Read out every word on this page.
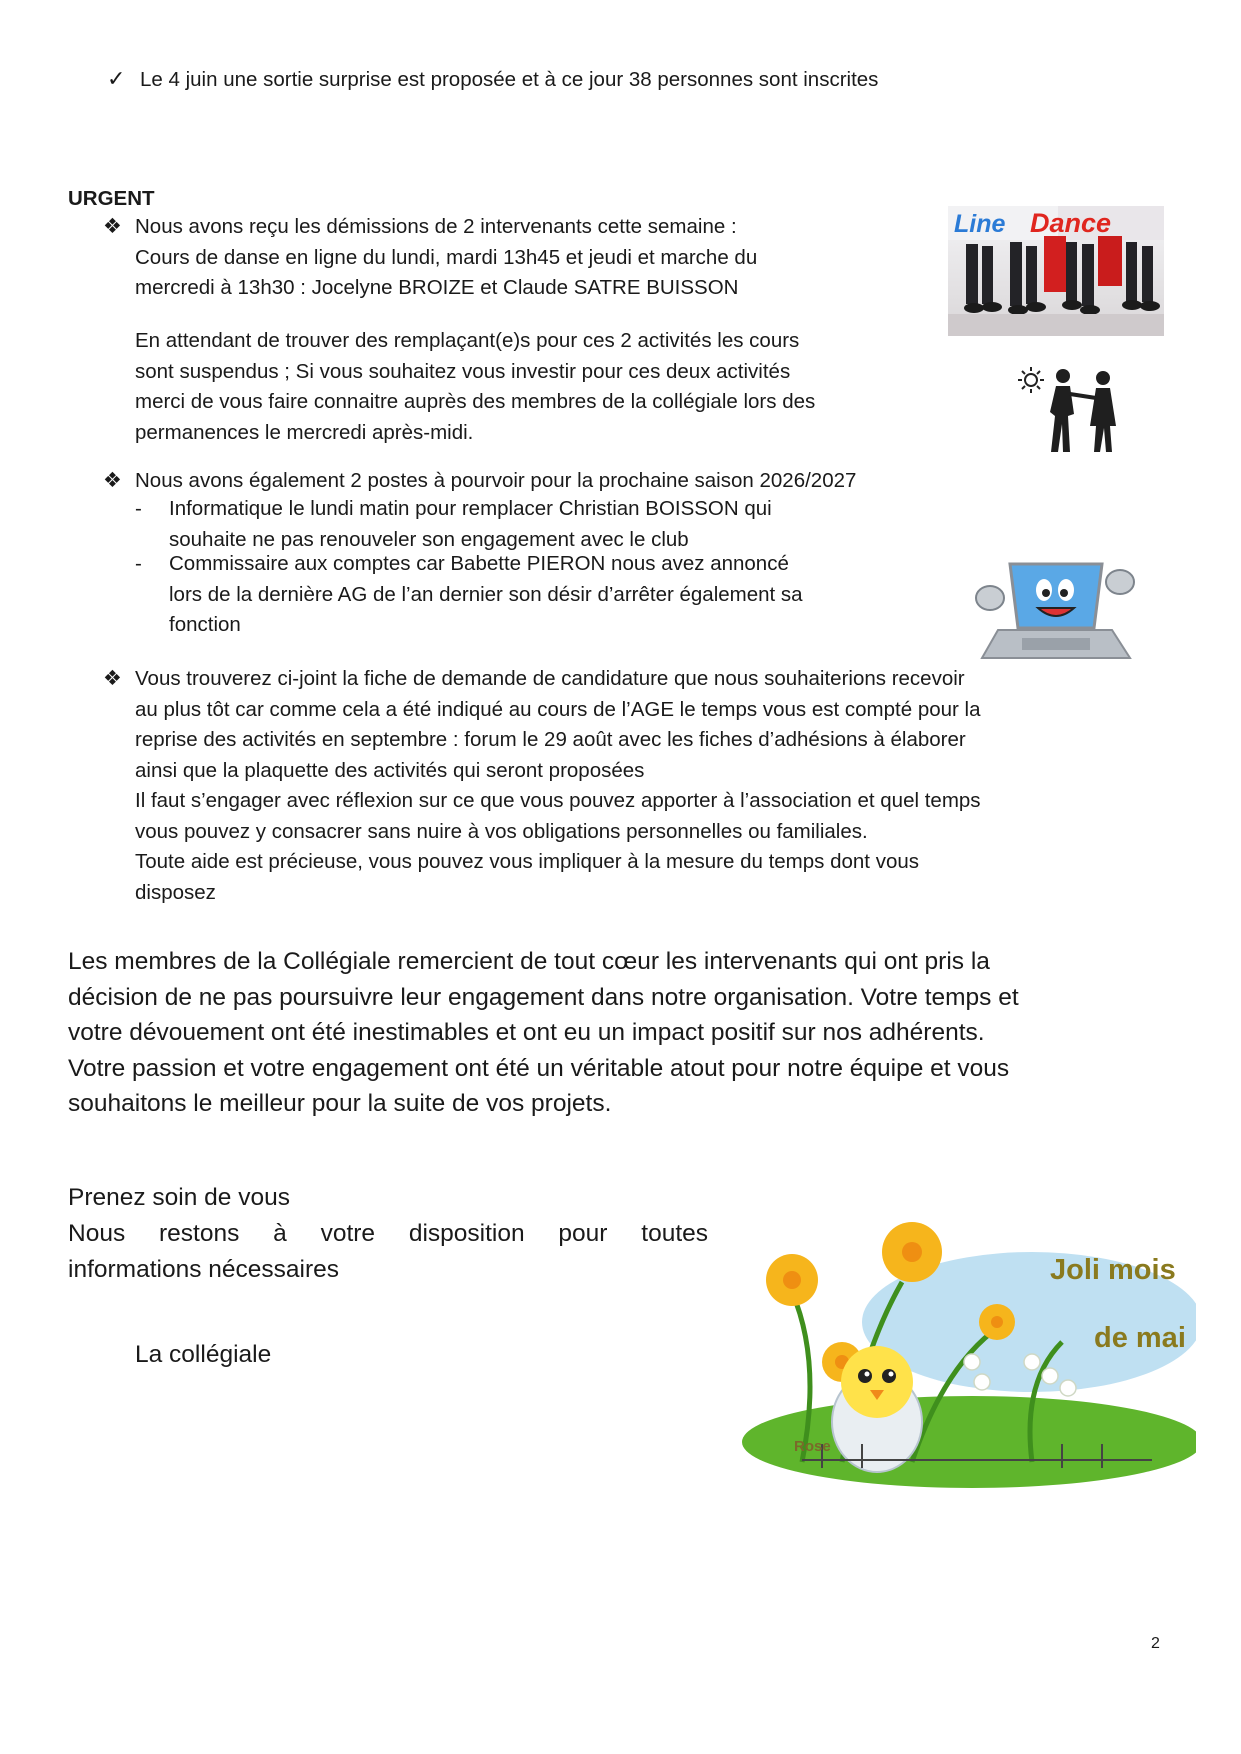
✓ Le 4 juin une sortie surprise est proposée et à ce jour 38 personnes sont inscrites

URGENT

❖ Nous avons reçu les démissions de 2 intervenants cette semaine :

Cours de danse en ligne du lundi, mardi 13h45 et jeudi et marche du

mercredi à 13h30 : Jocelyne BROIZE et Claude SATRE BUISSON

En attendant de trouver des remplaçant(e)s pour ces 2 activités les cours

sont suspendus ; Si vous souhaitez vous investir pour ces deux activités

merci de vous faire connaitre auprès des membres de la collégiale lors des

permanences le mercredi après-midi.

❖ Nous avons également 2 postes à pourvoir pour la prochaine saison 2026/2027

- Informatique le lundi matin pour remplacer Christian BOISSON qui

souhaite ne pas renouveler son engagement avec le club

- Commissaire aux comptes car Babette PIERON nous avez annoncé

lors de la dernière AG de l’an dernier son désir d’arrêter également sa

fonction

❖ Vous trouverez ci-joint la fiche de demande de candidature que nous souhaiterions recevoir

au plus tôt car comme cela a été indiqué au cours de l’AGE le temps vous est compté pour la

reprise des activités en septembre : forum le 29 août avec les fiches d’adhésions à élaborer

ainsi que la plaquette des activités qui seront proposées

Il faut s’engager avec réflexion sur ce que vous pouvez apporter à l’association et quel temps

vous pouvez y consacrer sans nuire à vos obligations personnelles ou familiales.

Toute aide est précieuse, vous pouvez vous impliquer à la mesure du temps dont vous

disposez

Les membres de la Collégiale remercient de tout cœur les intervenants qui ont pris la

décision de ne pas poursuivre leur engagement dans notre organisation. Votre temps et

votre dévouement ont été inestimables et ont eu un impact positif sur nos adhérents.

Votre passion et votre engagement ont été un véritable atout pour notre équipe et vous

souhaitons le meilleur pour la suite de vos projets.

Prenez soin de vous

Nous restons à votre disposition pour toutes

informations nécessaires

La collégiale

2
Line Dance
Joli mois
de mai
Rose
